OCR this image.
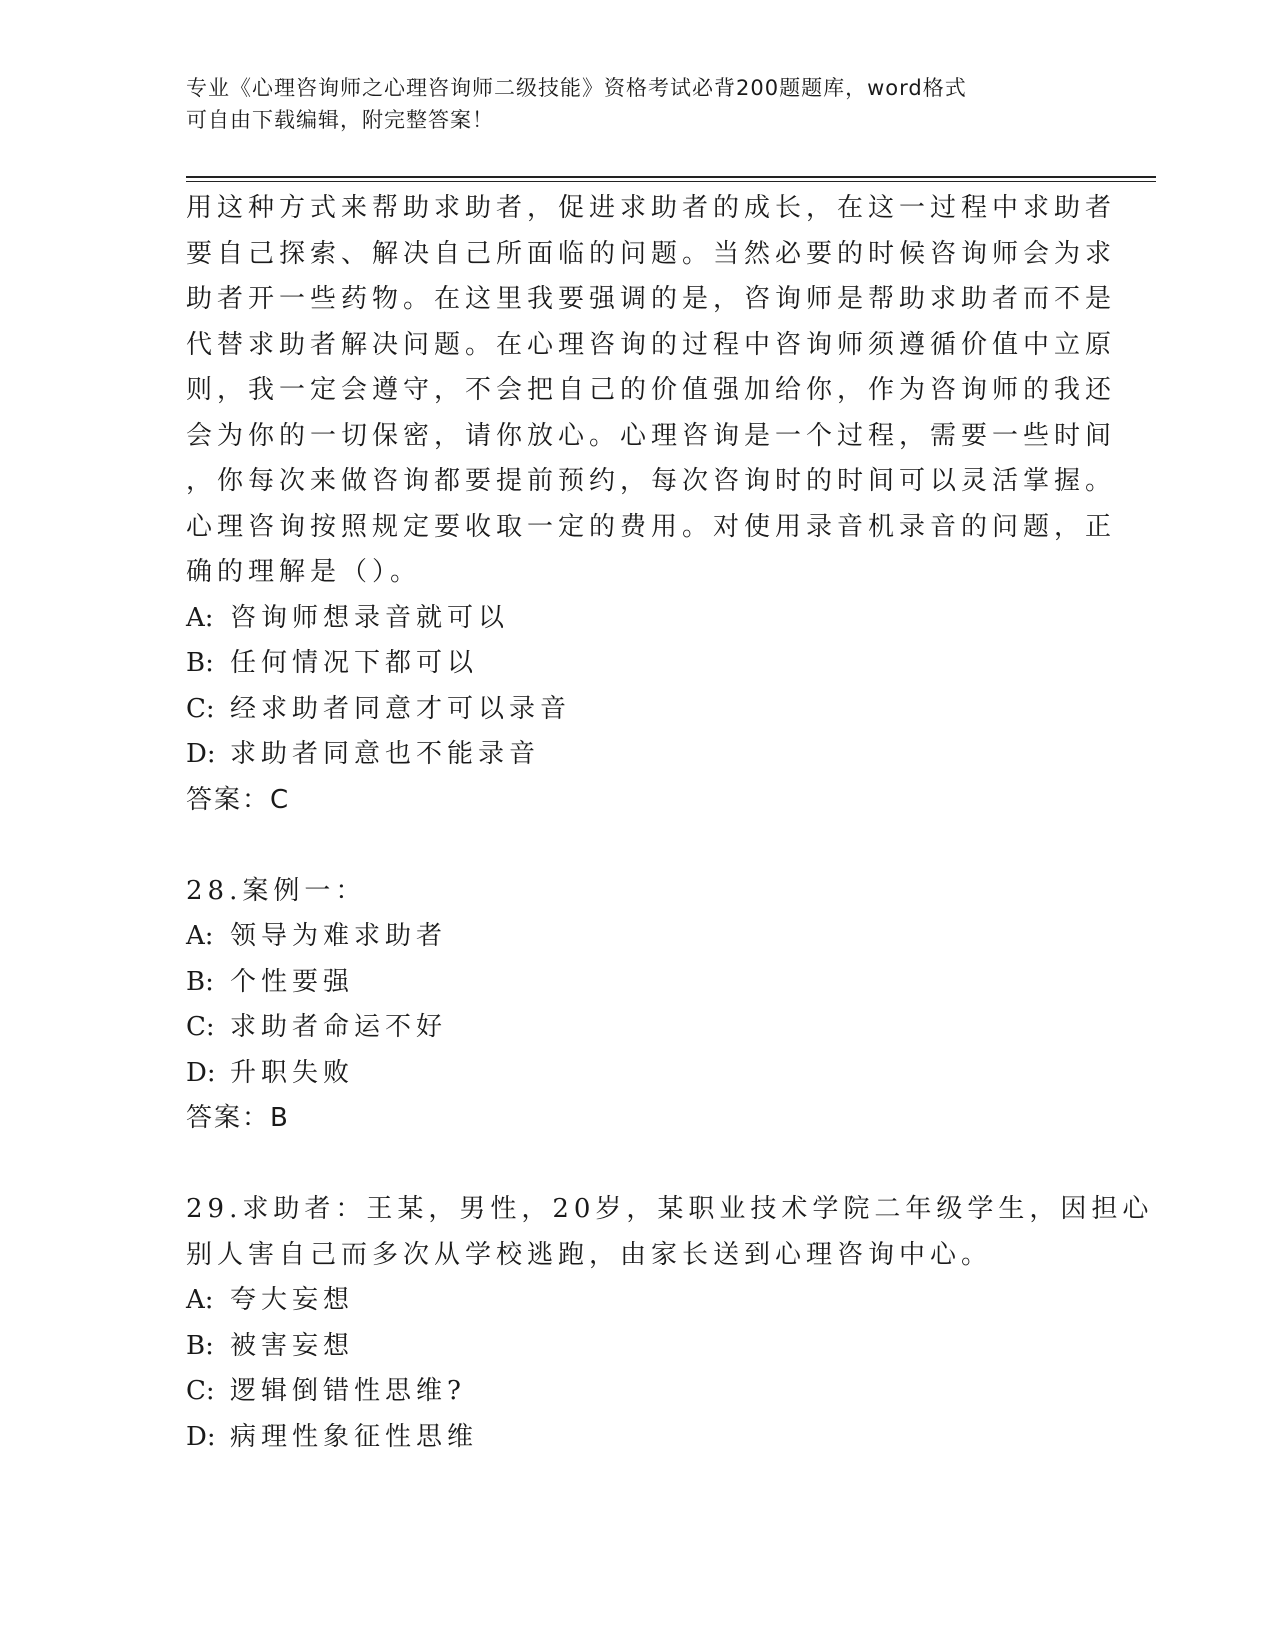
专业《心理咨询师之心理咨询师二级技能》资格考试必背200题题库，word格式
可自由下载编辑，附完整答案！
用这种方式来帮助求助者，促进求助者的成长，在这一过程中求助者
要自己探索、解决自己所面临的问题。当然必要的时候咨询师会为求
助者开一些药物。在这里我要强调的是，咨询师是帮助求助者而不是
代替求助者解决问题。在心理咨询的过程中咨询师须遵循价值中立原
则，我一定会遵守，不会把自己的价值强加给你，作为咨询师的我还
会为你的一切保密，请你放心。心理咨询是一个过程，需要一些时间
，你每次来做咨询都要提前预约，每次咨询时的时间可以灵活掌握。
心理咨询按照规定要收取一定的费用。对使用录音机录音的问题，正
确的理解是（）。
A: 咨询师想录音就可以
B: 任何情况下都可以
C: 经求助者同意才可以录音
D: 求助者同意也不能录音
答案：C
28.案例一：
A: 领导为难求助者
B: 个性要强
C: 求助者命运不好
D: 升职失败
答案：B
29.求助者：王某，男性，20岁，某职业技术学院二年级学生，因担心
别人害自己而多次从学校逃跑，由家长送到心理咨询中心。
A: 夸大妄想
B: 被害妄想
C: 逻辑倒错性思维?
D: 病理性象征性思维
